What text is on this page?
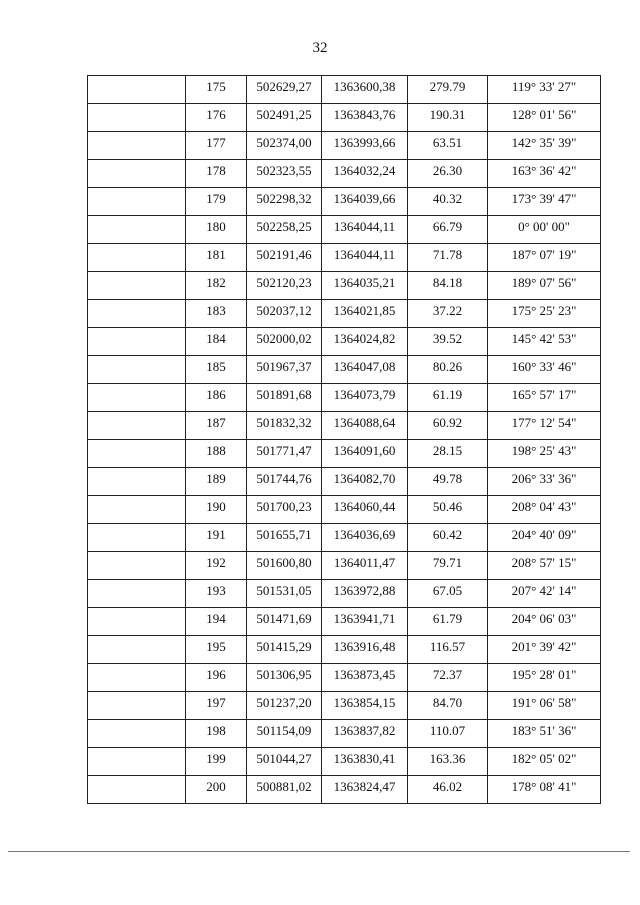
32
	175	502629,27	1363600,38	279.79	119° 33' 27"
	176	502491,25	1363843,76	190.31	128° 01' 56"
	177	502374,00	1363993,66	63.51	142° 35' 39"
	178	502323,55	1364032,24	26.30	163° 36' 42"
	179	502298,32	1364039,66	40.32	173° 39' 47"
	180	502258,25	1364044,11	66.79	0° 00' 00"
	181	502191,46	1364044,11	71.78	187° 07' 19"
	182	502120,23	1364035,21	84.18	189° 07' 56"
	183	502037,12	1364021,85	37.22	175° 25' 23"
	184	502000,02	1364024,82	39.52	145° 42' 53"
	185	501967,37	1364047,08	80.26	160° 33' 46"
	186	501891,68	1364073,79	61.19	165° 57' 17"
	187	501832,32	1364088,64	60.92	177° 12' 54"
	188	501771,47	1364091,60	28.15	198° 25' 43"
	189	501744,76	1364082,70	49.78	206° 33' 36"
	190	501700,23	1364060,44	50.46	208° 04' 43"
	191	501655,71	1364036,69	60.42	204° 40' 09"
	192	501600,80	1364011,47	79.71	208° 57' 15"
	193	501531,05	1363972,88	67.05	207° 42' 14"
	194	501471,69	1363941,71	61.79	204° 06' 03"
	195	501415,29	1363916,48	116.57	201° 39' 42"
	196	501306,95	1363873,45	72.37	195° 28' 01"
	197	501237,20	1363854,15	84.70	191° 06' 58"
	198	501154,09	1363837,82	110.07	183° 51' 36"
	199	501044,27	1363830,41	163.36	182° 05' 02"
	200	500881,02	1363824,47	46.02	178° 08' 41"
